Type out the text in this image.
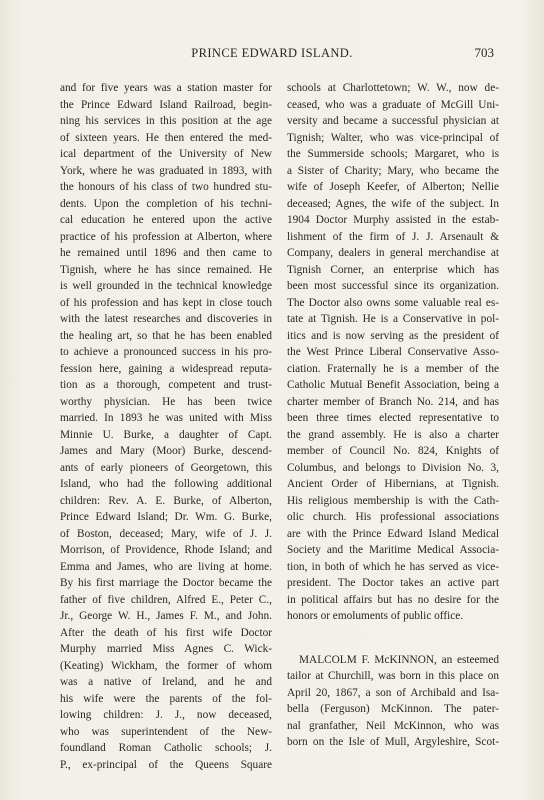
PRINCE EDWARD ISLAND.	703
and for five years was a station master for
the Prince Edward Island Railroad, begin-
ning his services in this position at the age
of sixteen years. He then entered the med-
ical department of the University of New
York, where he was graduated in 1893, with
the honours of his class of two hundred stu-
dents. Upon the completion of his techni-
cal education he entered upon the active
practice of his profession at Alberton, where
he remained until 1896 and then came to
Tignish, where he has since remained. He
is well grounded in the technical knowledge
of his profession and has kept in close touch
with the latest researches and discoveries in
the healing art, so that he has been enabled
to achieve a pronounced success in his pro-
fession here, gaining a widespread reputa-
tion as a thorough, competent and trust-
worthy physician. He has been twice
married. In 1893 he was united with Miss
Minnie U. Burke, a daughter of Capt.
James and Mary (Moor) Burke, descend-
ants of early pioneers of Georgetown, this
Island, who had the following additional
children: Rev. A. E. Burke, of Alberton,
Prince Edward Island; Dr. Wm. G. Burke,
of Boston, deceased; Mary, wife of J. J.
Morrison, of Providence, Rhode Island; and
Emma and James, who are living at home.
By his first marriage the Doctor became the
father of five children, Alfred E., Peter C.,
Jr., George W. H., James F. M., and John.
After the death of his first wife Doctor
Murphy married Miss Agnes C. Wick-
(Keating) Wickham, the former of whom
was a native of Ireland, and he and
his wife were the parents of the fol-
lowing children: J. J., now deceased,
who was superintendent of the New-
foundland Roman Catholic schools; J.
P., ex-principal of the Queens Square
schools at Charlottetown; W. W., now de-
ceased, who was a graduate of McGill Uni-
versity and became a successful physician at
Tignish; Walter, who was vice-principal of
the Summerside schools; Margaret, who is
a Sister of Charity; Mary, who became the
wife of Joseph Keefer, of Alberton; Nellie
deceased; Agnes, the wife of the subject. In
1904 Doctor Murphy assisted in the estab-
lishment of the firm of J. J. Arsenault &
Company, dealers in general merchandise at
Tignish Corner, an enterprise which has
been most successful since its organization.
The Doctor also owns some valuable real es-
tate at Tignish. He is a Conservative in pol-
itics and is now serving as the president of
the West Prince Liberal Conservative Asso-
ciation. Fraternally he is a member of the
Catholic Mutual Benefit Association, being a
charter member of Branch No. 214, and has
been three times elected representative to
the grand assembly. He is also a charter
member of Council No. 824, Knights of
Columbus, and belongs to Division No. 3,
Ancient Order of Hibernians, at Tignish.
His religious membership is with the Cath-
olic church. His professional associations
are with the Prince Edward Island Medical
Society and the Maritime Medical Associa-
tion, in both of which he has served as vice-
president. The Doctor takes an active part
in political affairs but has no desire for the
honors or emoluments of public office.
MALCOLM F. McKINNON, an esteemed
tailor at Churchill, was born in this place on
April 20, 1867, a son of Archibald and Isa-
bella (Ferguson) McKinnon. The pater-
nal granfather, Neil McKinnon, who was
born on the Isle of Mull, Argyleshire, Scot-
